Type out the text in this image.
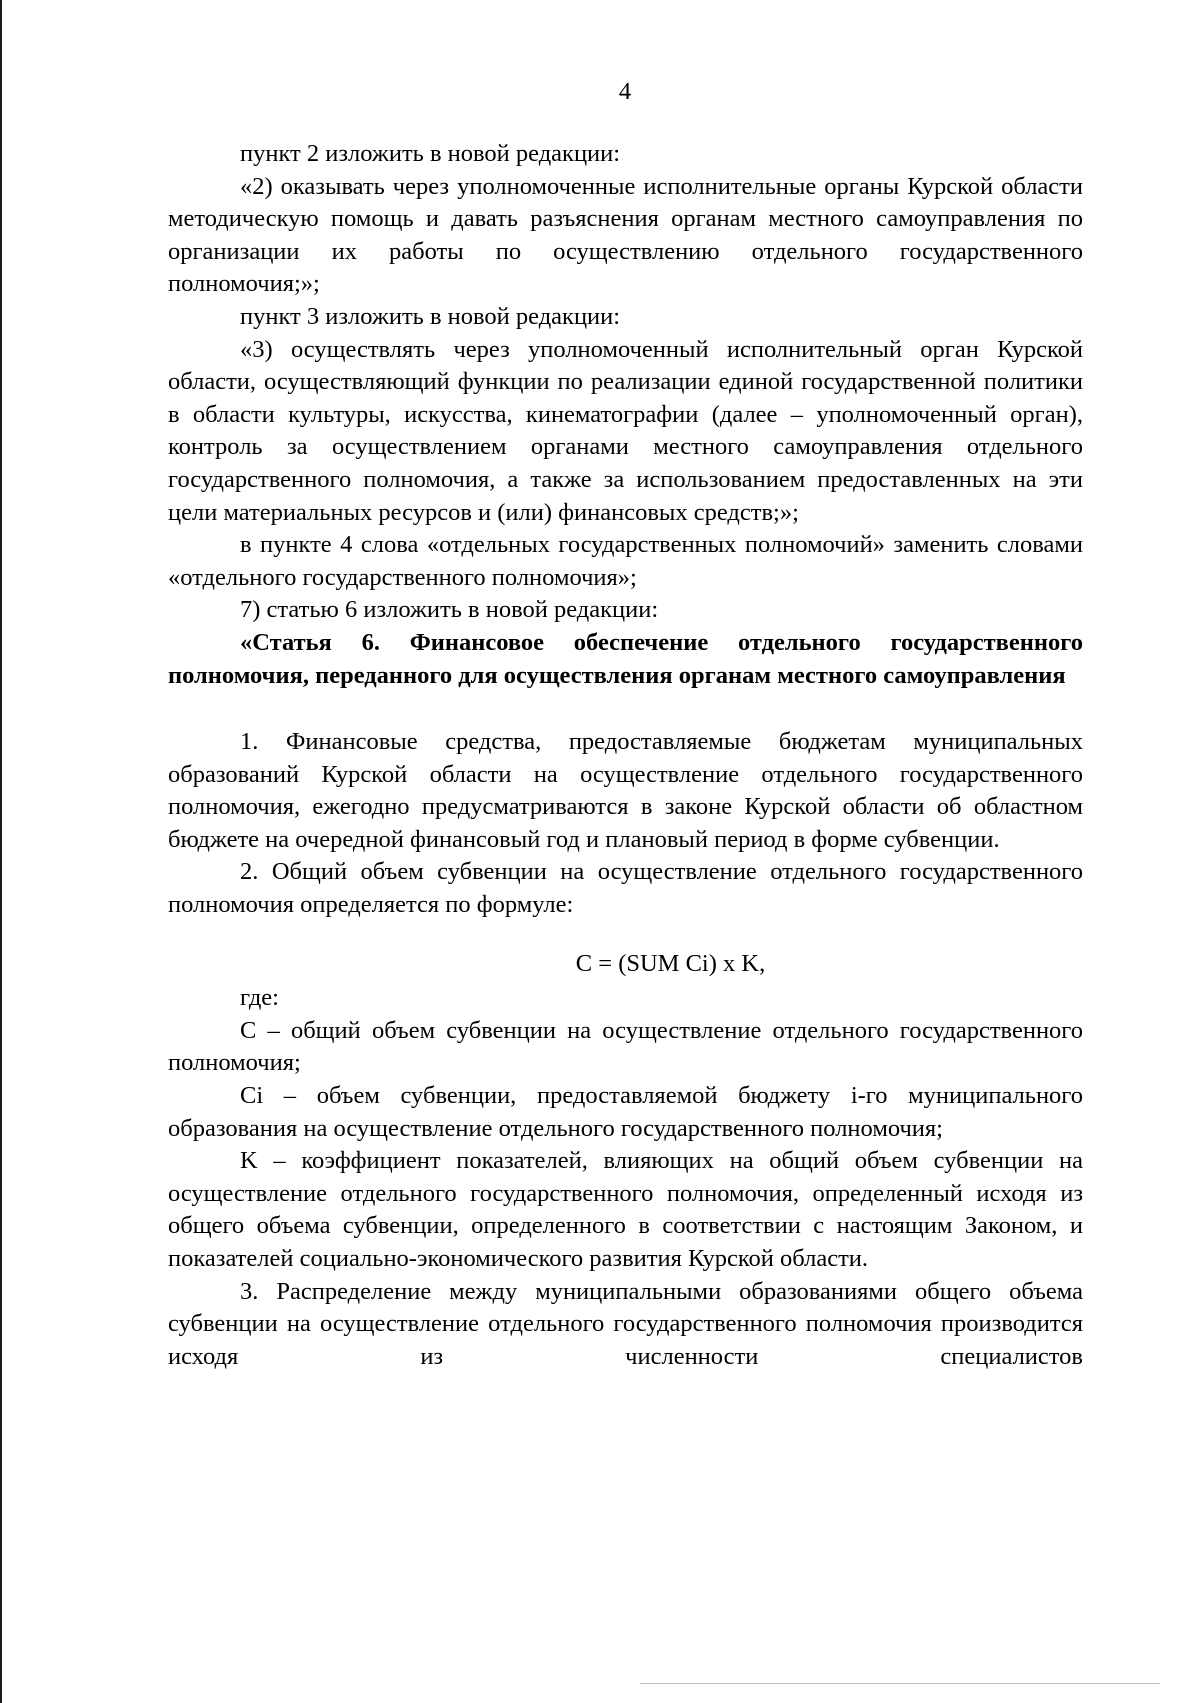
4

пункт 2 изложить в новой редакции:

«2) оказывать через уполномоченные исполнительные органы Курской области методическую помощь и давать разъяснения органам местного самоуправления по организации их работы по осуществлению отдельного государственного полномочия;»;

пункт 3 изложить в новой редакции:

«3) осуществлять через уполномоченный исполнительный орган Курской области, осуществляющий функции по реализации единой государственной политики в области культуры, искусства, кинематографии (далее – уполномоченный орган), контроль за осуществлением органами местного самоуправления отдельного государственного полномочия, а также за использованием предоставленных на эти цели материальных ресурсов и (или) финансовых средств;»;

в пункте 4 слова «отдельных государственных полномочий» заменить словами «отдельного государственного полномочия»;

7) статью 6 изложить в новой редакции:

«Статья 6. Финансовое обеспечение отдельного государственного полномочия, переданного для осуществления органам местного самоуправления

1. Финансовые средства, предоставляемые бюджетам муниципальных образований Курской области на осуществление отдельного государственного полномочия, ежегодно предусматриваются в законе Курской области об областном бюджете на очередной финансовый год и плановый период в форме субвенции.

2. Общий объем субвенции на осуществление отдельного государственного полномочия определяется по формуле:

C = (SUM Ci) x K,

где:

C – общий объем субвенции на осуществление отдельного государственного полномочия;

Ci – объем субвенции, предоставляемой бюджету i-го муниципального образования на осуществление отдельного государственного полномочия;

K – коэффициент показателей, влияющих на общий объем субвенции на осуществление отдельного государственного полномочия, определенный исходя из общего объема субвенции, определенного в соответствии с настоящим Законом, и показателей социально-экономического развития Курской области.

3. Распределение между муниципальными образованиями общего объема субвенции на осуществление отдельного государственного полномочия производится исходя из численности специалистов
